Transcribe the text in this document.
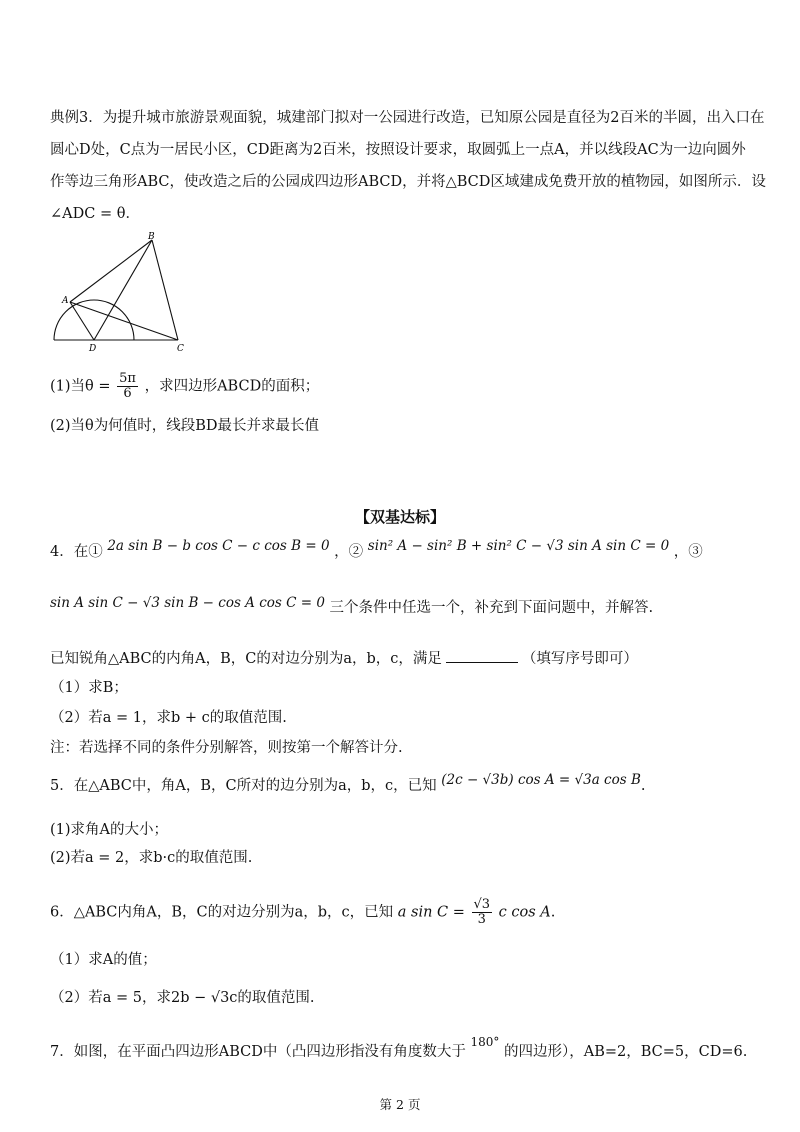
典例3．为提升城市旅游景观面貌，城建部门拟对一公园进行改造，已知原公园是直径为2百米的半圆，出入口在
圆心D处，C点为一居民小区，CD距离为2百米，按照设计要求，取圆弧上一点A，并以线段AC为一边向圆外
作等边三角形ABC，使改造之后的公园成四边形ABCD，并将△BCD区域建成免费开放的植物园，如图所示．设
∠ADC = θ．
B
A
D	C
(1)当$\theta = \frac{5\pi}{6}$ ，求四边形ABCD的面积；
(2)当θ为何值时，线段BD最长并求最长值
【双基达标】
4．在① 2a sin B − b cos C − c cos B = 0 ，② sin² A − sin² B + sin² C − √3 sin A sin C = 0 ，③
sin A sin C − √3 sin B − cos A cos C = 0 三个条件中任选一个，补充到下面问题中，并解答.
已知锐角△ABC的内角A，B，C的对边分别为a，b，c，满足	（填写序号即可）
（1）求B；
（2）若a = 1，求b + c的取值范围.
注：若选择不同的条件分别解答，则按第一个解答计分.
5．在△ABC中，角A，B，C所对的边分别为a，b，c，已知 (2c − √3b) cos A = √3a cos B.
(1)求角A的大小；
(2)若a = 2，求b·c的取值范围.
6．△ABC内角A，B，C的对边分别为a，b，c，已知 a $\sin C = \frac{√3}{3}$ c cos A.
（1）求A的值；
（2）若a = 5，求2b − √3c的取值范围.
7．如图，在平面凸四边形ABCD中（凸四边形指没有角度数大于 $^{180^\circ}$ 的四边形），AB=2，BC=5，CD=6.
第 2 页
